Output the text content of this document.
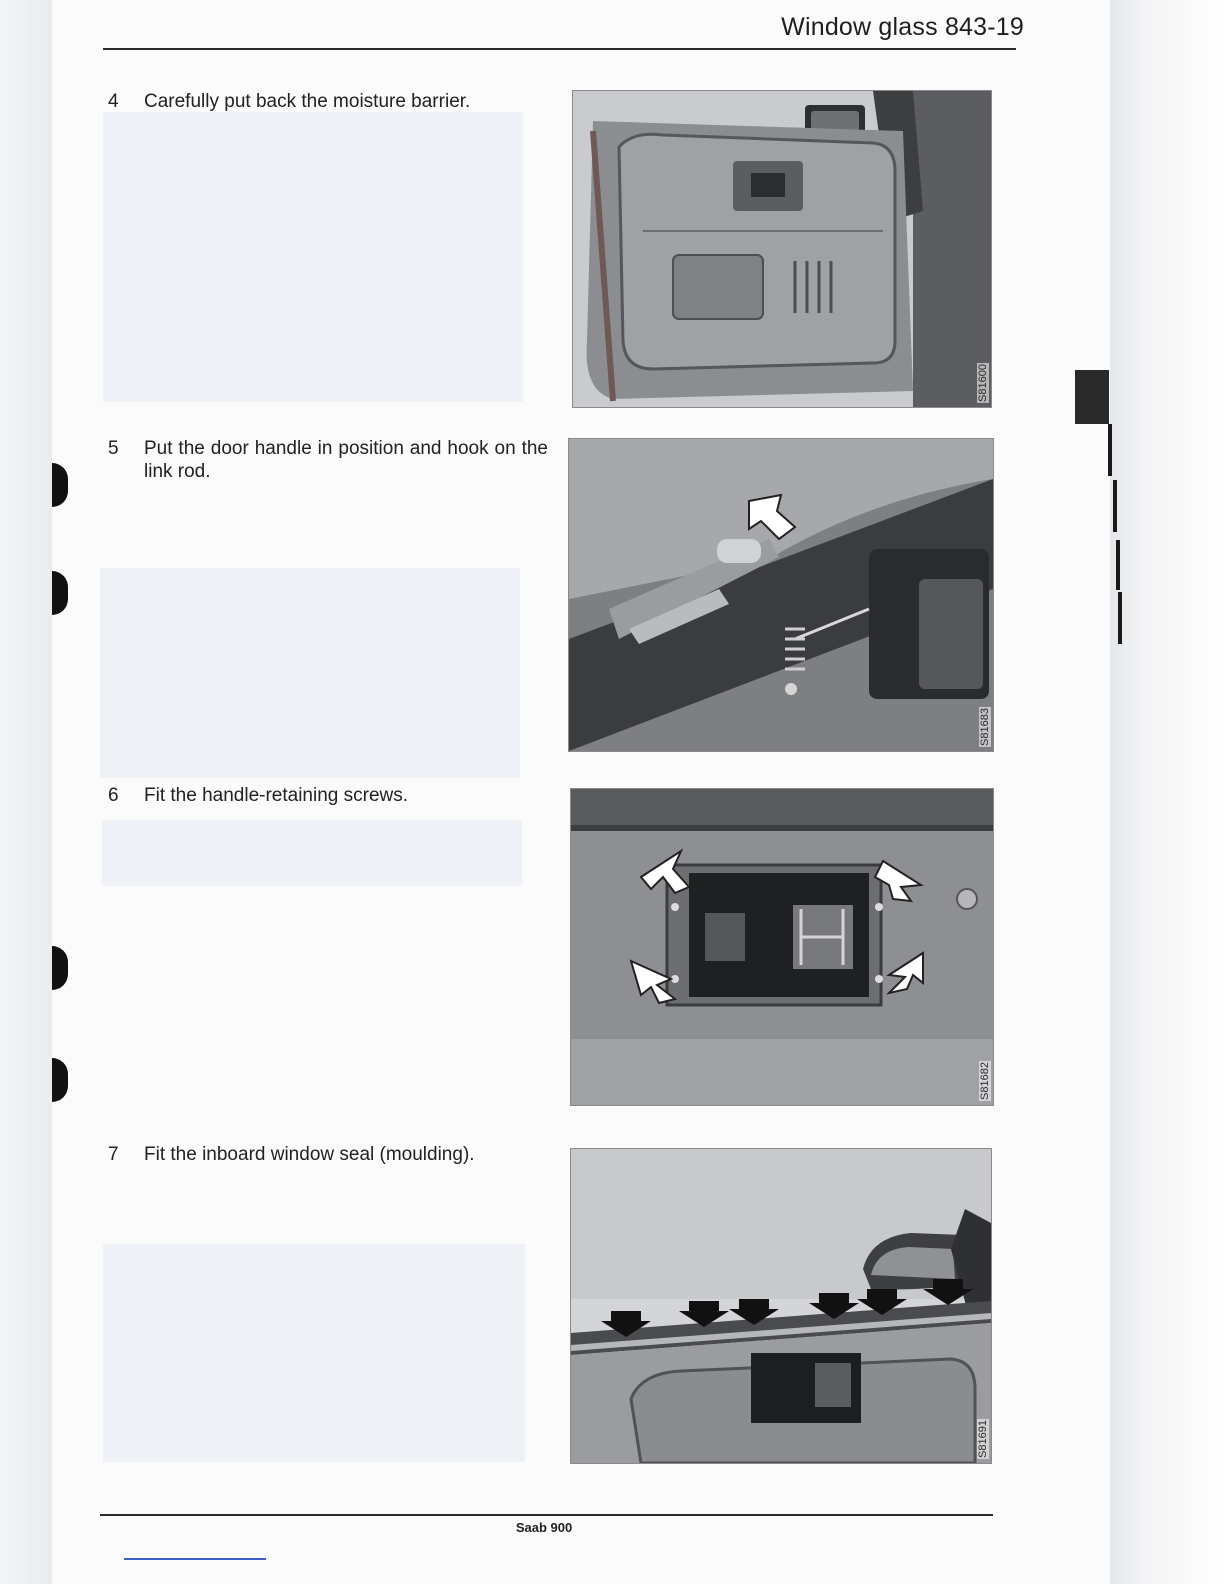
Window glass 843-19
4	Carefully put back the moisture barrier.
S81600
5	Put the door handle in position and hook on the link rod.
S81683
6	Fit the handle-retaining screws.
S81682
7	Fit the inboard window seal (moulding).
S81691
Saab 900
